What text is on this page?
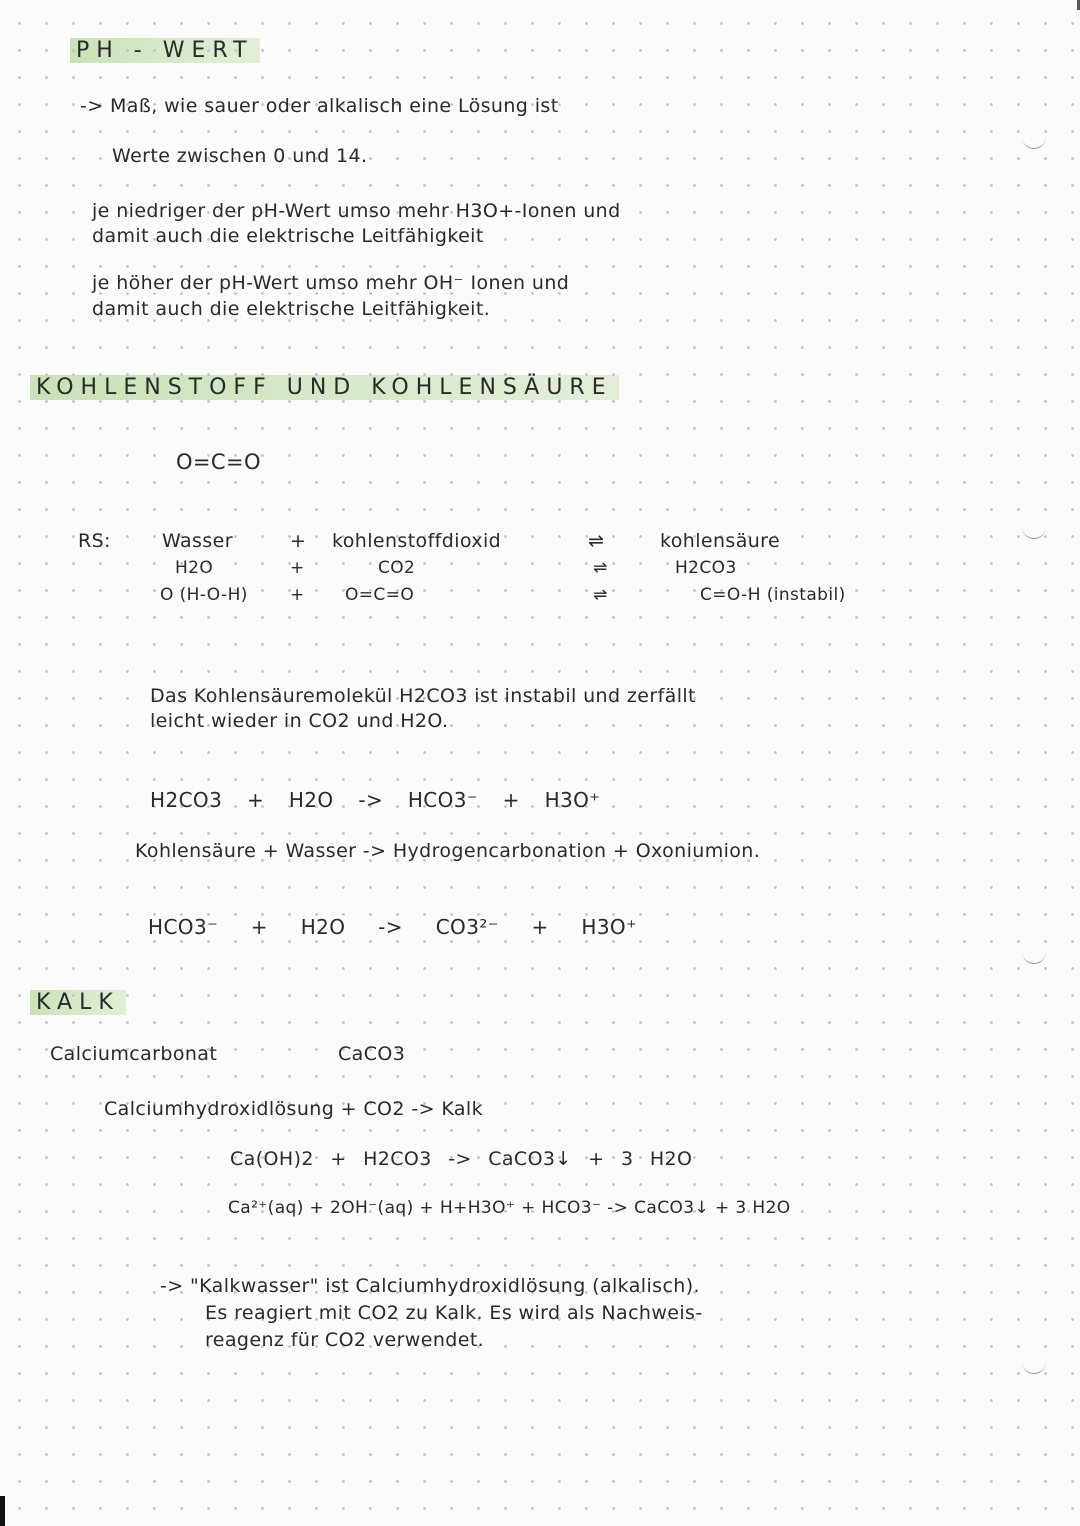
PH - WERT
-> Maß, wie sauer oder alkalisch eine Lösung ist
Werte zwischen 0 und 14.
je niedriger der pH-Wert umso mehr H3O+-Ionen und
damit auch die elektrische Leitfähigkeit
je höher der pH-Wert umso mehr OH⁻ Ionen und
damit auch die elektrische Leitfähigkeit.
KOHLENSTOFF UND KOHLENSÄURE
O=C=O
RS:	Wasser	+ kohlenstoffdioxid	⇌	kohlensäure
H2O	+	CO2	⇌	H2CO3
O (H-O-H) + O=C=O	⇌	C=O-H (instabil)
Das Kohlensäuremolekül H2CO3 ist instabil und zerfällt
leicht wieder in CO2 und H2O.
H2CO3 + H2O -> HCO3⁻ + H3O⁺
Kohlensäure + Wasser -> Hydrogencarbonation + Oxoniumion.
HCO3⁻ + H2O -> CO3²⁻ + H3O⁺
KALK
Calciumcarbonat	CaCO3
Calciumhydroxidlösung + CO2 -> Kalk
Ca(OH)2 + H2CO3 -> CaCO3↓ + 3 H2O
Ca²⁺(aq) + 2OH⁻(aq) + H+H3O⁺ + HCO3⁻ -> CaCO3↓ + 3 H2O
-> "Kalkwasser" ist Calciumhydroxidlösung (alkalisch).
Es reagiert mit CO2 zu Kalk. Es wird als Nachweis-
reagenz für CO2 verwendet.
